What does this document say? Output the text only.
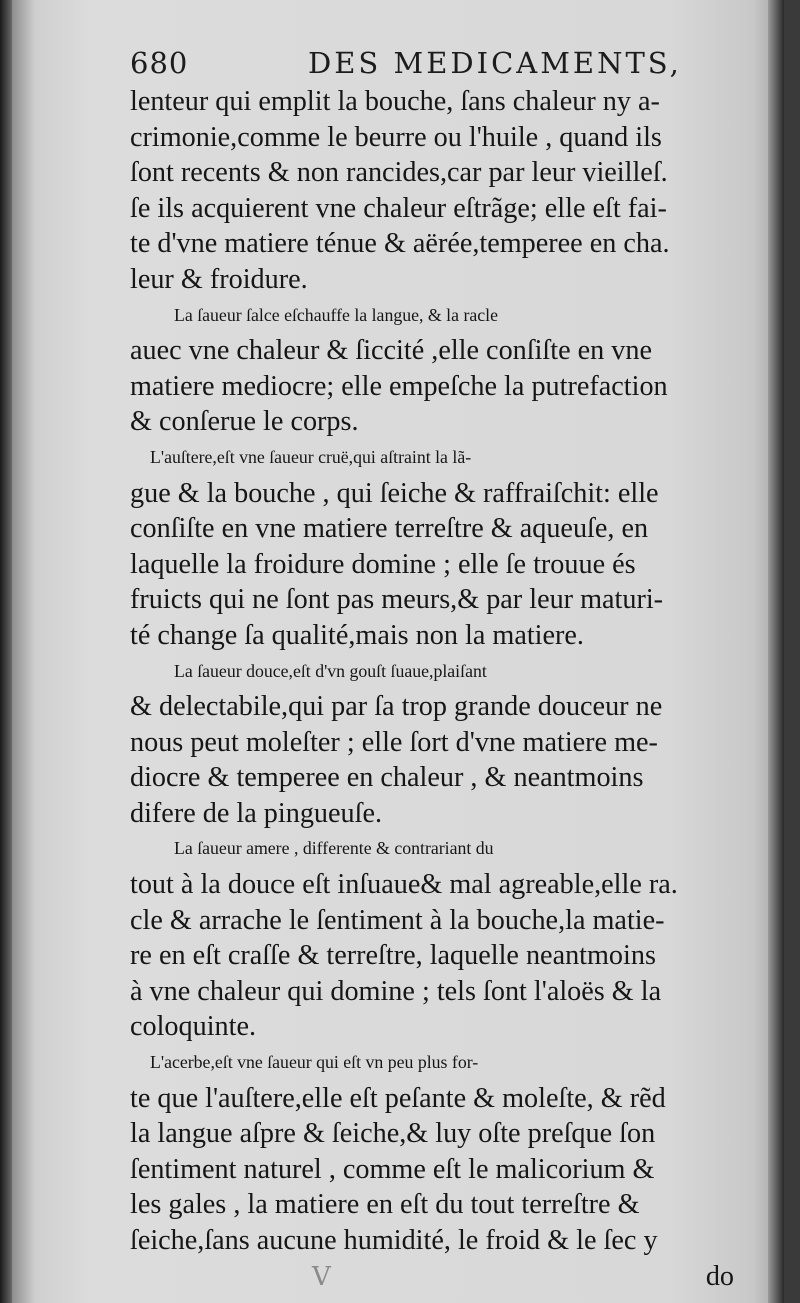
680	DES MEDICAMENTS,
lenteur qui emplit la bouche, ſans chaleur ny a-
crimonie,comme le beurre ou l'huile , quand ils
ſont recents & non rancides,car par leur vieilleſ.
ſe ils acquierent vne chaleur eſtrãge; elle eſt fai-
te d'vne matiere ténue & aërée,temperee en cha.
leur & froidure.
La ſaueur ſalce eſchauffe la langue, & la racle
auec vne chaleur & ſiccité ,elle conſiſte en vne
matiere mediocre; elle empeſche la putrefaction
& conſerue le corps.
L'auſtere,eſt vne ſaueur cruë,qui aſtraint la lã-
gue & la bouche , qui ſeiche & raffraiſchit: elle
conſiſte en vne matiere terreſtre & aqueuſe, en
laquelle la froidure domine ; elle ſe trouue és
fruicts qui ne ſont pas meurs,& par leur maturi-
té change ſa qualité,mais non la matiere.
La ſaueur douce,eſt d'vn gouſt ſuaue,plaiſant
& delectabile,qui par ſa trop grande douceur ne
nous peut moleſter ; elle ſort d'vne matiere me-
diocre & temperee en chaleur , & neantmoins
difere de la pingueuſe.
La ſaueur amere , differente & contrariant du
tout à la douce eſt inſuaue& mal agreable,elle ra.
cle & arrache le ſentiment à la bouche,la matie-
re en eſt craſſe & terreſtre, laquelle neantmoins
à vne chaleur qui domine ; tels ſont l'aloës & la
coloquinte.
L'acerbe,eſt vne ſaueur qui eſt vn peu plus for-
te que l'auſtere,elle eſt peſante & moleſte, & rẽd
la langue aſpre & ſeiche,& luy oſte preſque ſon
ſentiment naturel , comme eſt le malicorium &
les gales , la matiere en eſt du tout terreſtre &
ſeiche,ſans aucune humidité, le froid & le ſec y
do
V
